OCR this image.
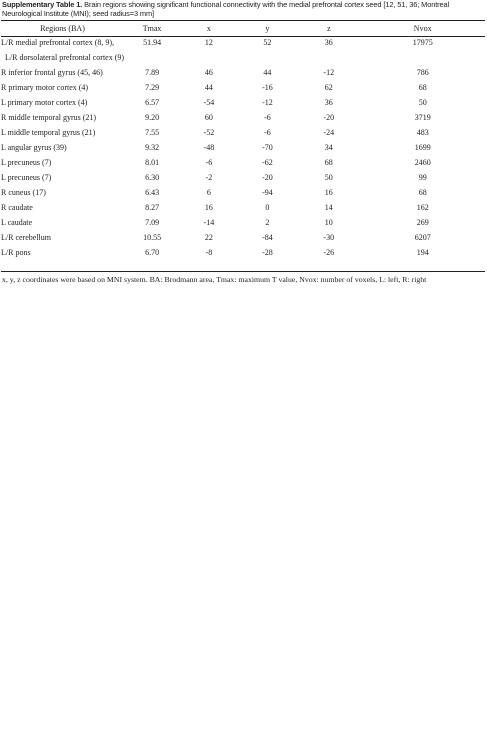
Supplementary Table 1. Brain regions showing significant functional connectivity with the medial prefrontal cortex seed [12, 51, 36; Montreal Neurological Institute (MNI); seed radius=3 mm]
Regions (BA)	Tmax	x	y	z	Nvox
L/R medial prefrontal cortex (8, 9),	51.94	12	52	36	17975
L/R dorsolateral prefrontal cortex (9)					
R inferior frontal gyrus (45, 46)	7.89	46	44	-12	786
R primary motor cortex (4)	7.29	44	-16	62	68
L primary motor cortex (4)	6.57	-54	-12	36	50
R middle temporal gyrus (21)	9.20	60	-6	-20	3719
L middle temporal gyrus (21)	7.55	-52	-6	-24	483
L angular gyrus (39)	9.32	-48	-70	34	1699
L precuneus (7)	8.01	-6	-62	68	2460
L precuneus (7)	6.30	-2	-20	50	99
R cuneus (17)	6.43	6	-94	16	68
R caudate	8.27	16	0	14	162
L caudate	7.09	-14	2	10	269
L/R cerebellum	10.55	22	-84	-30	6207
L/R pons	6.70	-8	-28	-26	194
x, y, z coordinates were based on MNI system. BA: Brodmann area, Tmax: maximum T value, Nvox: number of voxels, L: left, R: right
